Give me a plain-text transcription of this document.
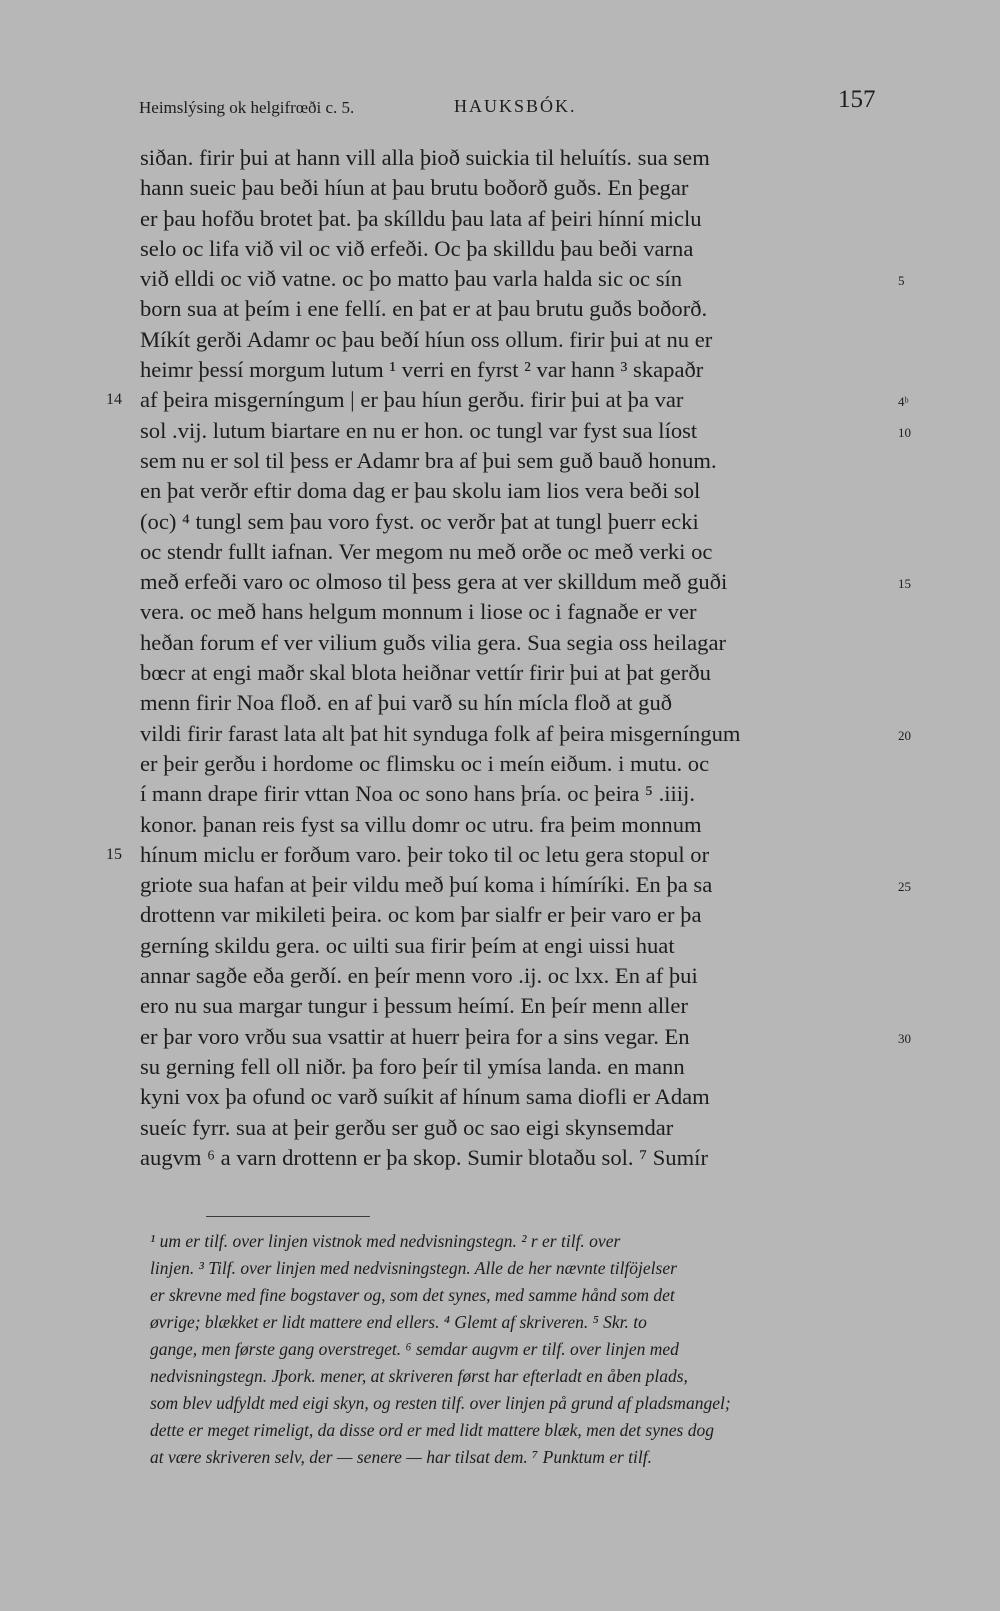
Heimslýsing ok helgifrœði c. 5.	HAUKSBÓK.	157
siðan. firir þui at hann vill alla þioð suickia til heluítís. sua sem
hann sueic þau beði híun at þau brutu boðorð guðs. En þegar
er þau hofðu brotet þat. þa skílldu þau lata af þeiri hínní miclu
selo oc lifa við vil oc við erfeði. Oc þa skilldu þau beði varna
við elldi oc við vatne. oc þo matto þau varla halda sic oc sín	5
born sua at þeím i ene fellí. en þat er at þau brutu guðs boðorð.
Míkít gerði Adamr oc þau beðí híun oss ollum. firir þui at nu er
heimr þessí morgum lutum ¹ verri en fyrst ² var hann ³ skapaðr
af þeira misgerníngum | er þau híun gerðu. firir þui at þa var
14	4ᵇ
sol .vij. lutum biartare en nu er hon. oc tungl var fyst sua líost	10
sem nu er sol til þess er Adamr bra af þui sem guð bauð honum.
en þat verðr eftir doma dag er þau skolu iam lios vera beði sol
(oc) ⁴ tungl sem þau voro fyst. oc verðr þat at tungl þuerr ecki
oc stendr fullt iafnan. Ver megom nu með orðe oc með verki oc
með erfeði varo oc olmoso til þess gera at ver skilldum með guði	15
vera. oc með hans helgum monnum i liose oc i fagnaðe er ver
heðan forum ef ver vilium guðs vilia gera. Sua segia oss heilagar
bœcr at engi maðr skal blota heiðnar vettír firir þui at þat gerðu
menn firir Noa floð. en af þui varð su hín mícla floð at guð
vildi firir farast lata alt þat hit synduga folk af þeira misgerníngum	20
er þeir gerðu i hordome oc flimsku oc i meín eiðum. i mutu. oc
í mann drape firir vttan Noa oc sono hans þría. oc þeira ⁵ .iiij.
konor. þanan reis fyst sa villu domr oc utru. fra þeim monnum
hínum miclu er forðum varo. þeir toko til oc letu gera stopul or
15
griote sua hafan at þeir vildu með þuí koma i hímíríki. En þa sa	25
drottenn var mikileti þeira. oc kom þar sialfr er þeir varo er þa
gerníng skildu gera. oc uilti sua firir þeím at engi uissi huat
annar sagðe eða gerðí. en þeír menn voro .ij. oc lxx. En af þui
ero nu sua margar tungur i þessum heímí. En þeír menn aller
er þar voro vrðu sua vsattir at huerr þeira for a sins vegar. En	30
su gerning fell oll niðr. þa foro þeír til ymísa landa. en mann
kyni vox þa ofund oc varð suíkit af hínum sama diofli er Adam
sueíc fyrr. sua at þeir gerðu ser guð oc sao eigi skynsemdar
augvm ⁶ a varn drottenn er þa skop. Sumir blotaðu sol. ⁷ Sumír
¹ um er tilf. over linjen vistnok med nedvisningstegn. ² r er tilf. over
linjen. ³ Tilf. over linjen med nedvisningstegn. Alle de her nævnte tilföjelser
er skrevne med fine bogstaver og, som det synes, med samme hånd som det
øvrige; blækket er lidt mattere end ellers. ⁴ Glemt af skriveren. ⁵ Skr. to
gange, men første gang overstreget. ⁶ semdar augvm er tilf. over linjen med
nedvisningstegn. Jþork. mener, at skriveren først har efterladt en åben plads,
som blev udfyldt med eigi skyn, og resten tilf. over linjen på grund af pladsmangel;
dette er meget rimeligt, da disse ord er med lidt mattere blæk, men det synes dog
at være skriveren selv, der — senere — har tilsat dem. ⁷ Punktum er tilf.
